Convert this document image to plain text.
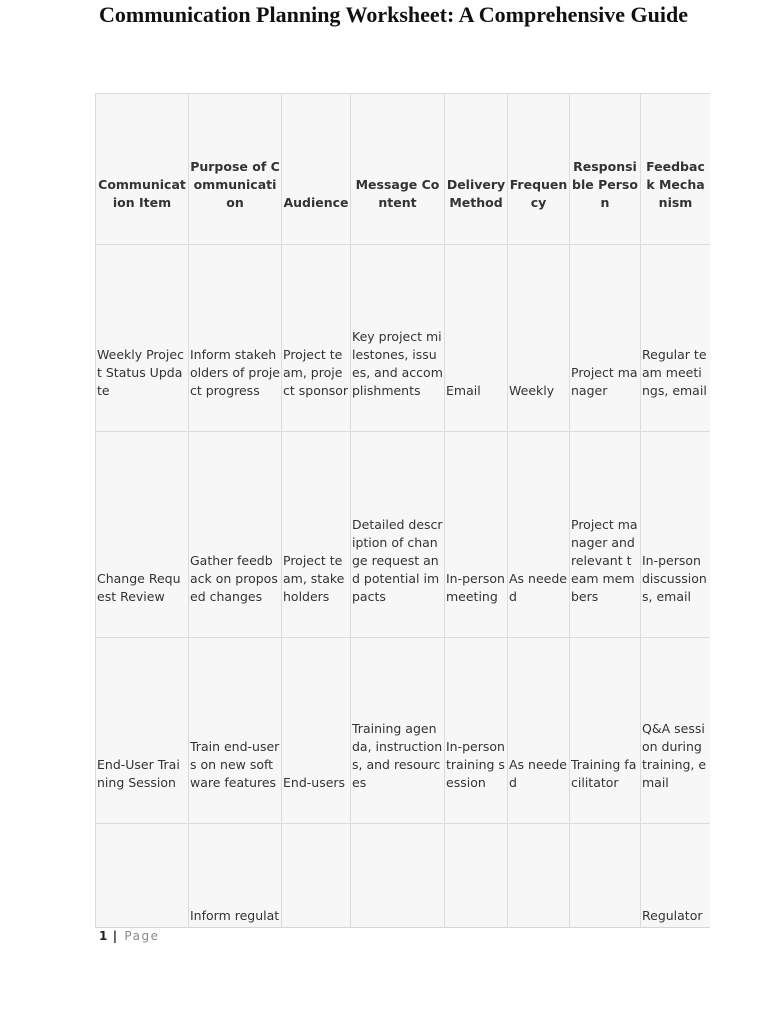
Communication Planning Worksheet: A Comprehensive Guide
Communication Item	Purpose of Communication	Audience	Message Content	Delivery Method	Frequency	Responsible Person	Feedback Mechanism
Weekly Project Status Update	Inform stakeholders of project progress	Project team, project sponsor	Key project milestones, issues, and accomplishments	Email	Weekly	Project manager	Regular team meetings, email
Change Request Review	Gather feedback on proposed changes	Project team, stakeholders	Detailed description of change request and potential impacts	In-person meeting	As needed	Project manager and relevant team members	In-person discussions, email
End-User Training Session	Train end-users on new software features	End-users	Training agenda, instructions, and resources	In-person training session	As needed	Training facilitator	Q&A session during training, email
	Inform regulat						Regulator

1 | Page
